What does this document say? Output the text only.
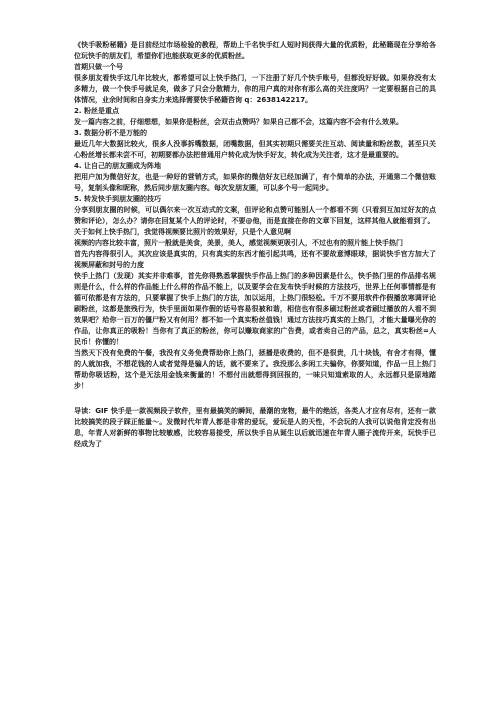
《快手吸粉秘籍》是目前经过市场检验的教程，帮助上千名快手红人短时间获得大量的优质粉，此秘籍现在分享给各位玩快手的朋友们，希望你们也能获取更多的优质粉丝。

首期只做一个号

很多朋友看快手这几年比较火，都希望可以上快手热门，一下注册了好几个快手账号，但都没好好做。如果你没有太多精力，做一个快手号就足矣，做多了只会分散精力，你的用户真的对你有那么高的关注度吗？一定要根据自己的具体情况，业余时间和自身实力来选择需要快手秘籍咨询 q：2638142217。

2. 粉丝是重点

发一篇内容之前，仔细想想，如果你是粉丝，会双击点赞吗？如果自己都不会，这篇内容不会有什么效果。

3. 数据分析不是万能的

最近几年大数据比较火，很多人没事拆嘴数据，闭嘴数据，但其实初期只需要关注互动、阅读量和粉丝数，甚至只关心粉丝增长都未尝不可，初期要都办法把普通用户转化成为快手好友，转化成为关注者，这才是最重要的。

4. 让自己的朋友圈成为阵地

把用户加为微信好友，也是一种好的营销方式，如果你的微信好友已经加满了，有个简单的办法，开通第二个微信账号，复制头像和昵称，然后同步朋友圈内容。每次发朋友圈，可以多个号一起同步。

5. 转发快手到朋友圈的技巧

分享到朋友圈的时候，可以偶尔来一次互动式的文案，但评论和点赞可能别人一个都看不到（只看到互加过好友的点赞和评论），怎么办？请你在回复某个人的评论时，不要@他，而是直接在你的文章下回复，这样其他人就能看到了。

关于如何上快手热门，我觉得视频要比照片的效果好，只是个人意见啊

视频的内容比较丰富，照片一般就是美食，美景，美人，感觉视频更吸引人，不过也有的照片能上快手热门

首先内容得很引人，其次应该是真实的，只有真实的东西才能引起共鸣，还有不要故意博眼球，据说快手官方加大了视频屏蔽和封号的力度

快手上热门（发现）其实并非难事，首先你得熟悉掌握快手作品上热门的多种因素是什么，快手热门里的作品排名规则是什么，什么样的作品能上什么样的作品不能上，以及要学会在发布快手时候的方法技巧，世界上任何事情都是有循可依都是有方法的，只要掌握了快手上热门的方法，加以运用，上热门很轻松。千万不要用软件作假播放寒调评论刷粉丝，这都是旅残行为，快手里面如果作假的话号容易很被和谐，相信也有很多刷过粉丝或者刷过播放的人看不到效果吧？给你一百万的僵尸粉又有何用？都不如一个真实粉丝值钱！通过方法技巧真实的上热门，才能大量曝光你的作品，让你真正的吸粉！当你有了真正的粉丝，你可以赚取商家的广告费，或者卖自己的产品，总之，真实粉丝=人民币！你懂的！

当然天下没有免费的午餐，我没有义务免费帮助你上热门，拯播是收费的，但不是很贵，几十块钱，有舍才有得，懂的人就加我，不想花钱的人或者觉得是骗人的话，就不要来了。我没那么多闲工夫骗你，你要知道，作品一旦上热门帮助你吸话粉，这个是无法用金钱来衡量的！不想付出就想得到回报的，一味只知道索取的人，永远都只是原地踏步！

导读：GIF 快手是一款视频段子软件，里有最搞笑的瞬间，最潮的宠物，最牛的绝活，各类人才应有尽有，还有一款比较搞笑的段子踩正能量～。发微时代年青人都是非常的爱玩，爱玩是人的天性，不会玩的人我可以说他肯定没有出息，年青人对新鲜的事物比较敏感，比较容易接受，所以快手自从诞生以后就迅速在年青人圈子流传开来，玩快手已经成为了
